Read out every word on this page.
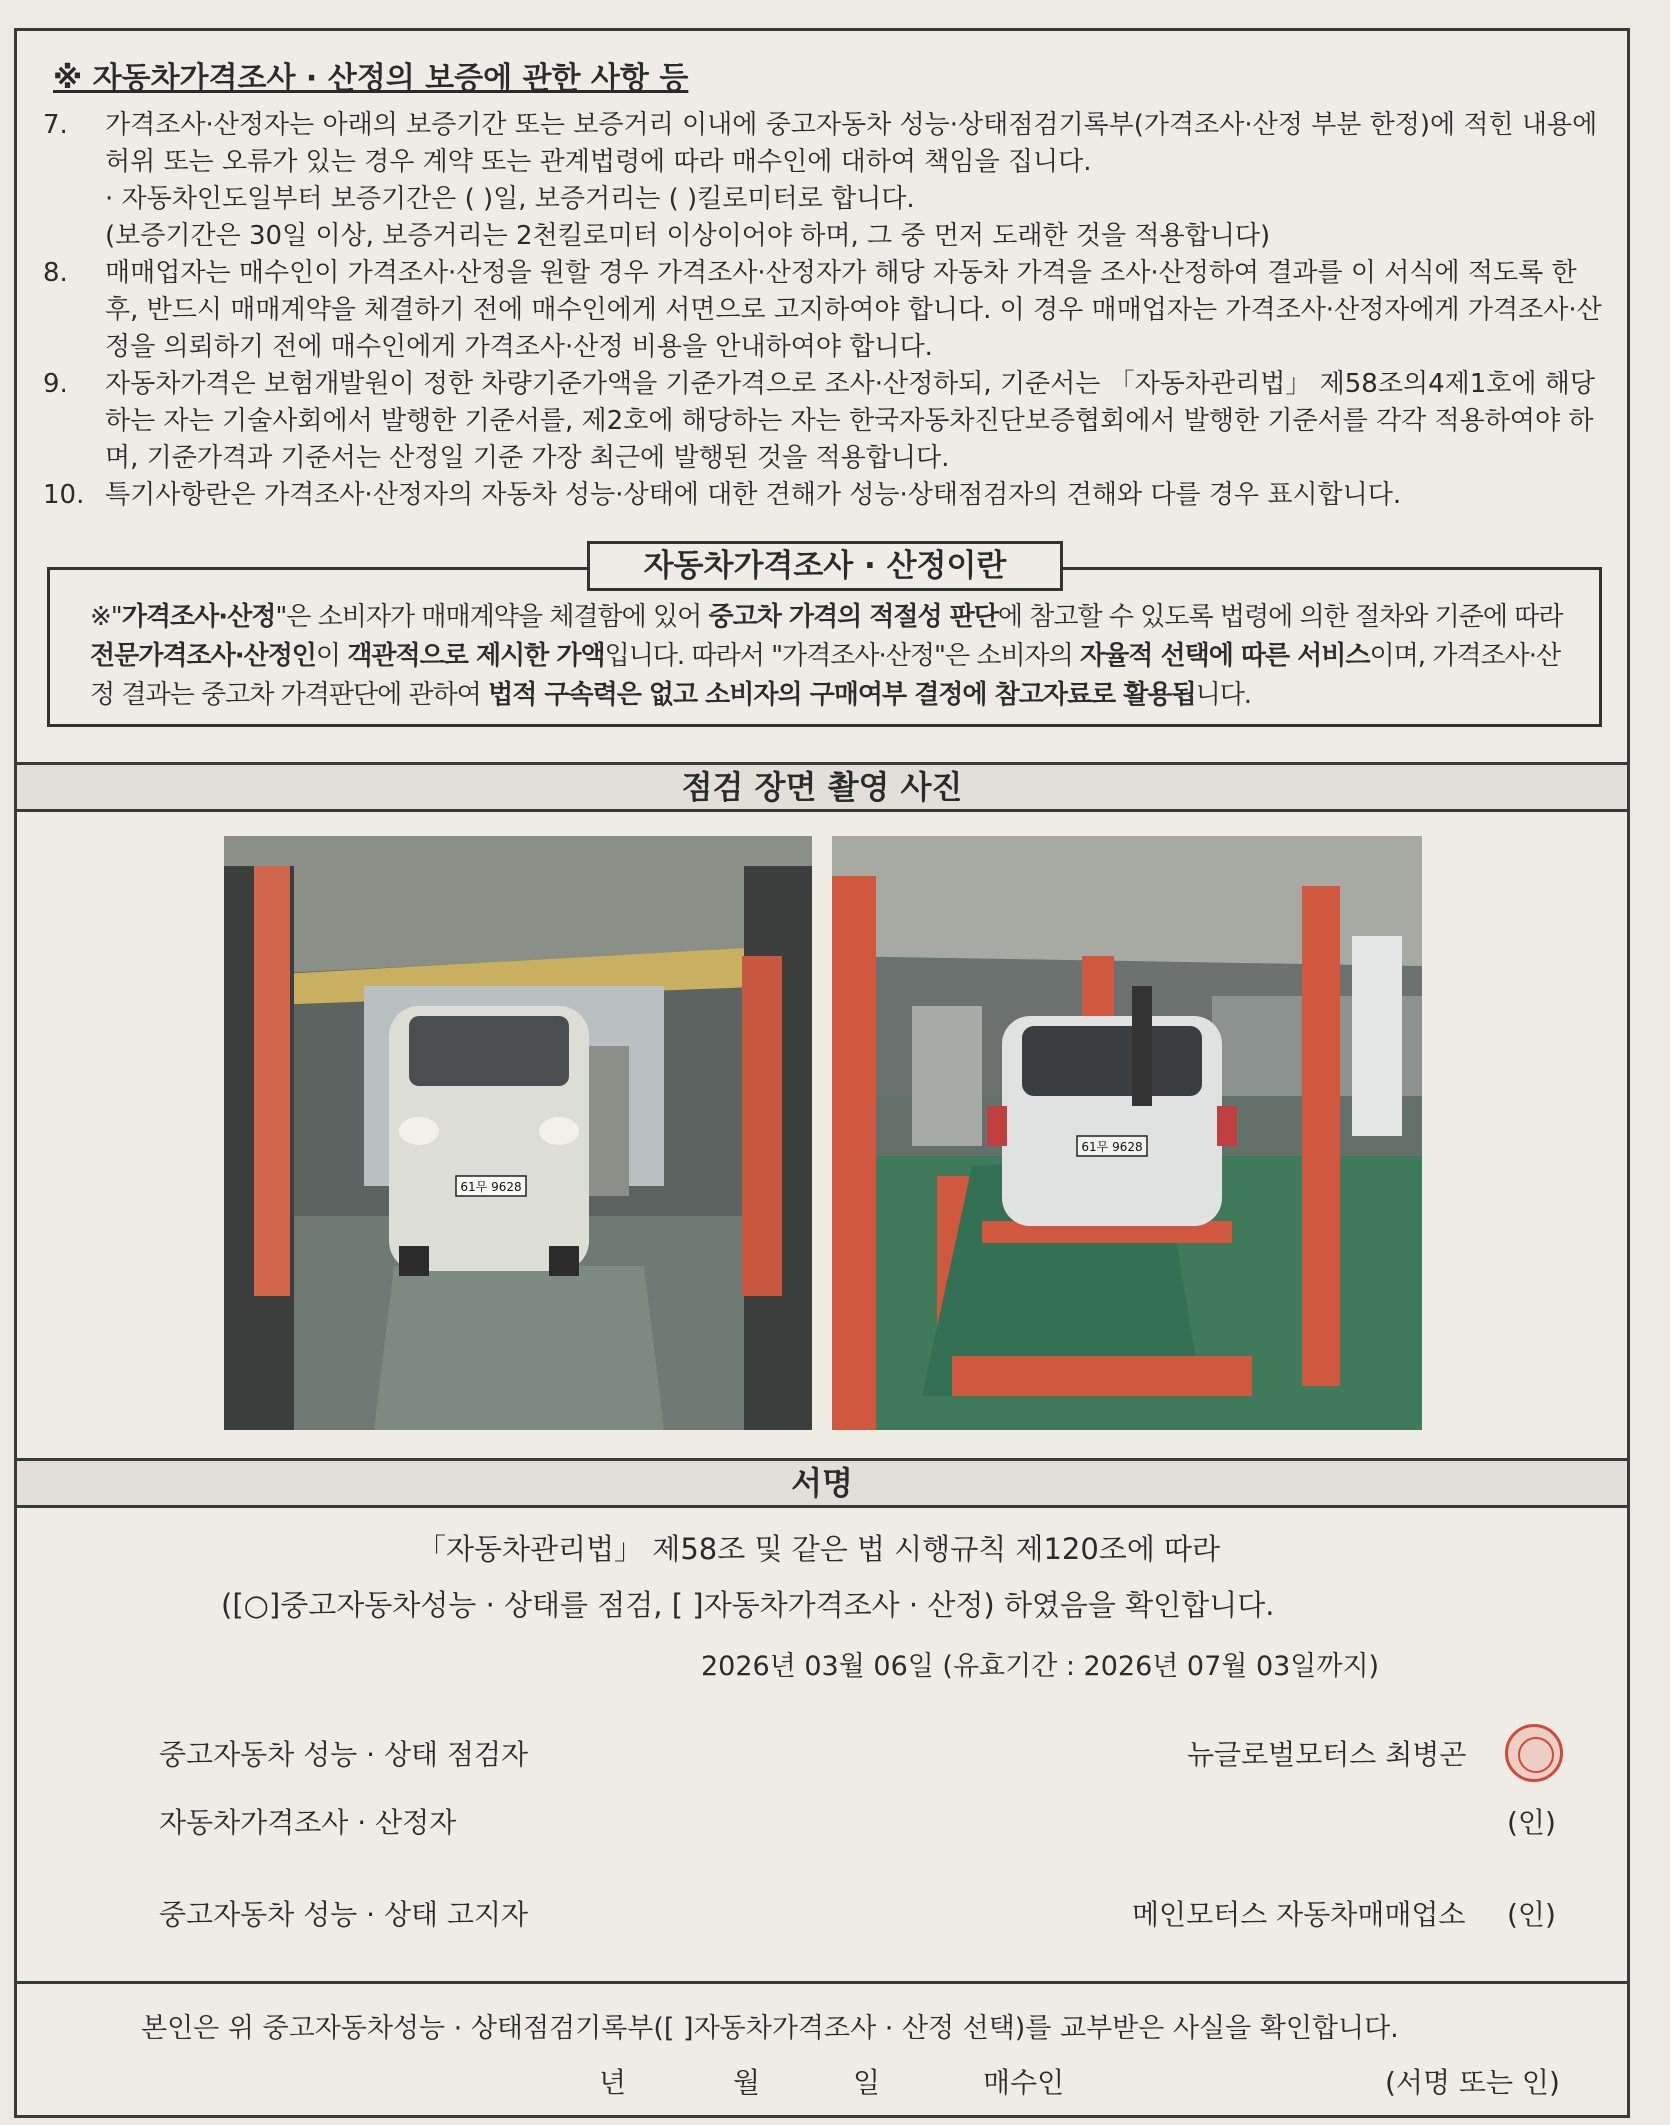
※ 자동차가격조사 · 산정의 보증에 관한 사항 등

7. 가격조사·산정자는 아래의 보증기간 또는 보증거리 이내에 중고자동차 성능·상태점검기록부(가격조사·산정 부분 한정)에 적힌 내용에 허위 또는 오류가 있는 경우 계약 또는 관계법령에 따라 매수인에 대하여 책임을 집니다.

· 자동차인도일부터 보증기간은 ( )일, 보증거리는 ( )킬로미터로 합니다.

(보증기간은 30일 이상, 보증거리는 2천킬로미터 이상이어야 하며, 그 중 먼저 도래한 것을 적용합니다)

8. 매매업자는 매수인이 가격조사·산정을 원할 경우 가격조사·산정자가 해당 자동차 가격을 조사·산정하여 결과를 이 서식에 적도록 한 후, 반드시 매매계약을 체결하기 전에 매수인에게 서면으로 고지하여야 합니다. 이 경우 매매업자는 가격조사·산정자에게 가격조사·산정을 의뢰하기 전에 매수인에게 가격조사·산정 비용을 안내하여야 합니다.

9. 자동차가격은 보험개발원이 정한 차량기준가액을 기준가격으로 조사·산정하되, 기준서는 「자동차관리법」 제58조의4제1호에 해당하는 자는 기술사회에서 발행한 기준서를, 제2호에 해당하는 자는 한국자동차진단보증협회에서 발행한 기준서를 각각 적용하여야 하며, 기준가격과 기준서는 산정일 기준 가장 최근에 발행된 것을 적용합니다.

10. 특기사항란은 가격조사·산정자의 자동차 성능·상태에 대한 견해가 성능·상태점검자의 견해와 다를 경우 표시합니다.

자동차가격조사 · 산정이란
※"가격조사·산정"은 소비자가 매매계약을 체결함에 있어 중고차 가격의 적절성 판단에 참고할 수 있도록 법령에 의한 절차와 기준에 따라 전문가격조사·산정인이 객관적으로 제시한 가액입니다. 따라서 "가격조사·산정"은 소비자의 자율적 선택에 따른 서비스이며, 가격조사·산정 결과는 중고차 가격판단에 관하여 법적 구속력은 없고 소비자의 구매여부 결정에 참고자료로 활용됩니다.
점검 장면 촬영 사진
61무 9628
61무 9628
서명
「자동차관리법」 제58조 및 같은 법 시행규칙 제120조에 따라
([○]중고자동차성능 · 상태를 점검, [ ]자동차가격조사 · 산정) 하였음을 확인합니다.
2026년 03월 06일 (유효기간 : 2026년 07월 03일까지)
중고자동차 성능 · 상태 점검자	뉴글로벌모터스 최병곤
자동차가격조사 · 산정자	(인)
중고자동차 성능 · 상태 고지자	메인모터스 자동차매매업소 (인)
본인은 위 중고자동차성능 · 상태점검기록부([ ]자동차가격조사 · 산정 선택)를 교부받은 사실을 확인합니다.
년	월	일	매수인	(서명 또는 인)
